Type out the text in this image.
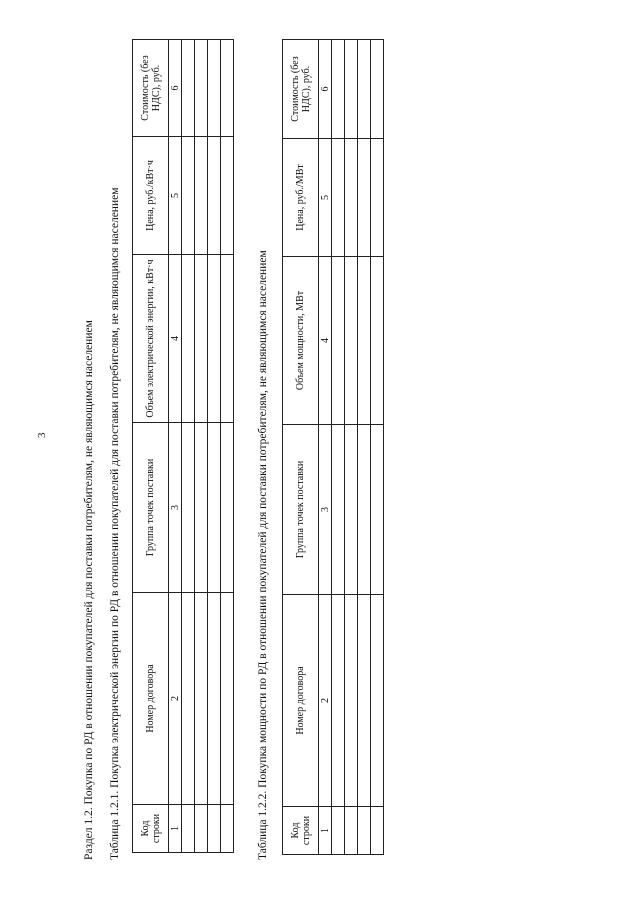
3	Раздел 1.2. Покупка по РД в отношении покупателей для поставки потребителям, не являющимся населением Таблица 1.2.1. Покупка электрической энергии по РД в отношении покупателей для поставки потребителям, не являющимся населением Код строки	Номер договора	Группа точек поставки	Объем электрической энергии, кВт·ч	Цена, руб./кВт·ч	Стоимость (без НДС), руб.
1	2	3	4	5	6

Таблица 1.2.2. Покупка мощности по РД в отношении покупателей для поставки потребителям, не являющимся населением Код строки	Номер договора	Группа точек поставки	Объем мощности, МВт	Цена, руб./МВт	Стоимость (без НДС), руб.
1	2	3	4	5	6
